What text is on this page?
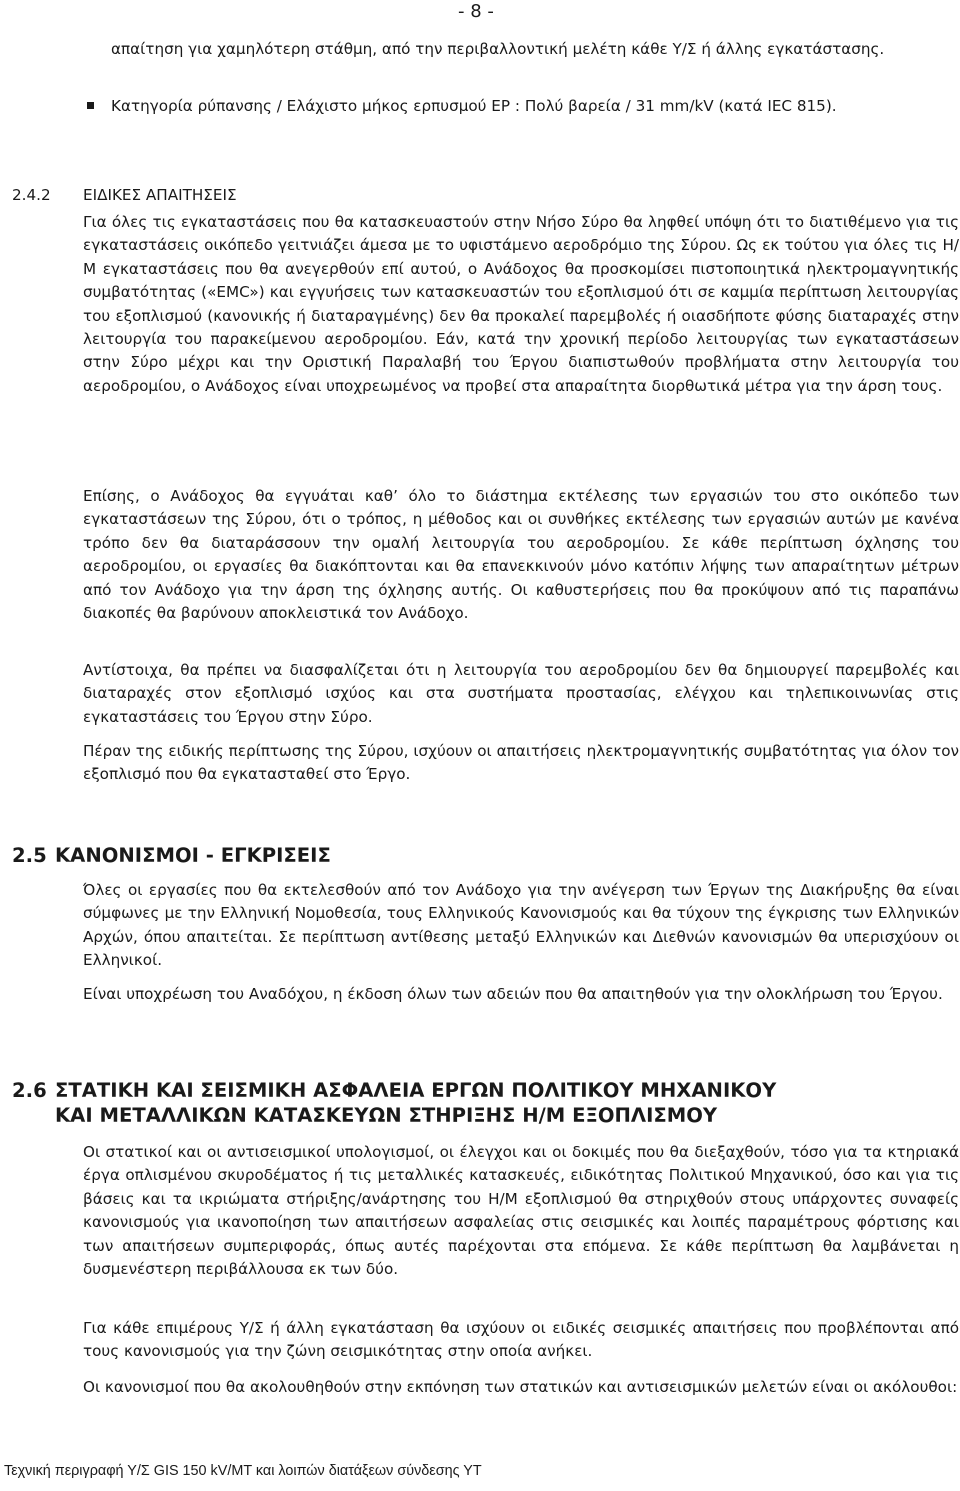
- 8 -

απαίτηση για χαμηλότερη στάθμη, από την περιβαλλοντική μελέτη κάθε Υ/Σ ή άλλης εγκατάστασης.

Κατηγορία ρύπανσης / Ελάχιστο μήκος ερπυσμού ΕΡ : Πολύ βαρεία / 31 mm/kV (κατά IEC 815).

2.4.2 ΕΙΔΙΚΕΣ ΑΠΑΙΤΗΣΕΙΣ

Για όλες τις εγκαταστάσεις που θα κατασκευαστούν στην Νήσο Σύρο θα ληφθεί υπόψη ότι το διατιθέμενο για τις εγκαταστάσεις οικόπεδο γειτνιάζει άμεσα με το υφιστάμενο αεροδρόμιο της Σύρου. Ως εκ τούτου για όλες τις Η/Μ εγκαταστάσεις που θα ανεγερθούν επί αυτού, ο Ανάδοχος θα προσκομίσει πιστοποιητικά ηλεκτρομαγνητικής συμβατότητας («EMC») και εγγυήσεις των κατασκευαστών του εξοπλισμού ότι σε καμμία περίπτωση λειτουργίας του εξοπλισμού (κανονικής ή διαταραγμένης) δεν θα προκαλεί παρεμβολές ή οιασδήποτε φύσης διαταραχές στην λειτουργία του παρακείμενου αεροδρομίου. Εάν, κατά την χρονική περίοδο λειτουργίας των εγκαταστάσεων στην Σύρο μέχρι και την Οριστική Παραλαβή του Έργου διαπιστωθούν προβλήματα στην λειτουργία του αεροδρομίου, ο Ανάδοχος είναι υποχρεωμένος να προβεί στα απαραίτητα διορθωτικά μέτρα για την άρση τους.

Επίσης, ο Ανάδοχος θα εγγυάται καθ’ όλο το διάστημα εκτέλεσης των εργασιών του στο οικόπεδο των εγκαταστάσεων της Σύρου, ότι ο τρόπος, η μέθοδος και οι συνθήκες εκτέλεσης των εργασιών αυτών με κανένα τρόπο δεν θα διαταράσσουν την ομαλή λειτουργία του αεροδρομίου. Σε κάθε περίπτωση όχλησης του αεροδρομίου, οι εργασίες θα διακόπτονται και θα επανεκκινούν μόνο κατόπιν λήψης των απαραίτητων μέτρων από τον Ανάδοχο για την άρση της όχλησης αυτής. Οι καθυστερήσεις που θα προκύψουν από τις παραπάνω διακοπές θα βαρύνουν αποκλειστικά τον Ανάδοχο.

Αντίστοιχα, θα πρέπει να διασφαλίζεται ότι η λειτουργία του αεροδρομίου δεν θα δημιουργεί παρεμβολές και διαταραχές στον εξοπλισμό ισχύος και στα συστήματα προστασίας, ελέγχου και τηλεπικοινωνίας στις εγκαταστάσεις του Έργου στην Σύρο.

Πέραν της ειδικής περίπτωσης της Σύρου, ισχύουν οι απαιτήσεις ηλεκτρομαγνητικής συμβατότητας για όλον τον εξοπλισμό που θα εγκατασταθεί στο Έργο.

2.5 ΚΑΝΟΝΙΣΜΟΙ - ΕΓΚΡΙΣΕΙΣ

Όλες οι εργασίες που θα εκτελεσθούν από τον Ανάδοχο για την ανέγερση των Έργων της Διακήρυξης θα είναι σύμφωνες με την Ελληνική Νομοθεσία, τους Ελληνικούς Κανονισμούς και θα τύχουν της έγκρισης των Ελληνικών Αρχών, όπου απαιτείται. Σε περίπτωση αντίθεσης μεταξύ Ελληνικών και Διεθνών κανονισμών θα υπερισχύουν οι Ελληνικοί.

Είναι υποχρέωση του Αναδόχου, η έκδοση όλων των αδειών που θα απαιτηθούν για την ολοκλήρωση του Έργου.

2.6 ΣΤΑΤΙΚΗ ΚΑΙ ΣΕΙΣΜΙΚΗ ΑΣΦΑΛΕΙΑ ΕΡΓΩΝ ΠΟΛΙΤΙΚΟΥ ΜΗΧΑΝΙΚΟΥ
ΚΑΙ ΜΕΤΑΛΛΙΚΩΝ ΚΑΤΑΣΚΕΥΩΝ ΣΤΗΡΙΞΗΣ Η/Μ ΕΞΟΠΛΙΣΜΟΥ

Οι στατικοί και οι αντισεισμικοί υπολογισμοί, οι έλεγχοι και οι δοκιμές που θα διεξαχθούν, τόσο για τα κτηριακά έργα οπλισμένου σκυροδέματος ή τις μεταλλικές κατασκευές, ειδικότητας Πολιτικού Μηχανικού, όσο και για τις βάσεις και τα ικριώματα στήριξης/ανάρτησης του Η/Μ εξοπλισμού θα στηριχθούν στους υπάρχοντες συναφείς κανονισμούς για ικανοποίηση των απαιτήσεων ασφαλείας στις σεισμικές και λοιπές παραμέτρους φόρτισης και των απαιτήσεων συμπεριφοράς, όπως αυτές παρέχονται στα επόμενα. Σε κάθε περίπτωση θα λαμβάνεται η δυσμενέστερη περιβάλλουσα εκ των δύο.

Για κάθε επιμέρους Υ/Σ ή άλλη εγκατάσταση θα ισχύουν οι ειδικές σεισμικές απαιτήσεις που προβλέπονται από τους κανονισμούς για την ζώνη σεισμικότητας στην οποία ανήκει.

Οι κανονισμοί που θα ακολουθηθούν στην εκπόνηση των στατικών και αντισεισμικών μελετών είναι οι ακόλουθοι:

Τεχνική περιγραφή Υ/Σ GIS 150 kV/MT και λοιπών διατάξεων σύνδεσης ΥΤ
